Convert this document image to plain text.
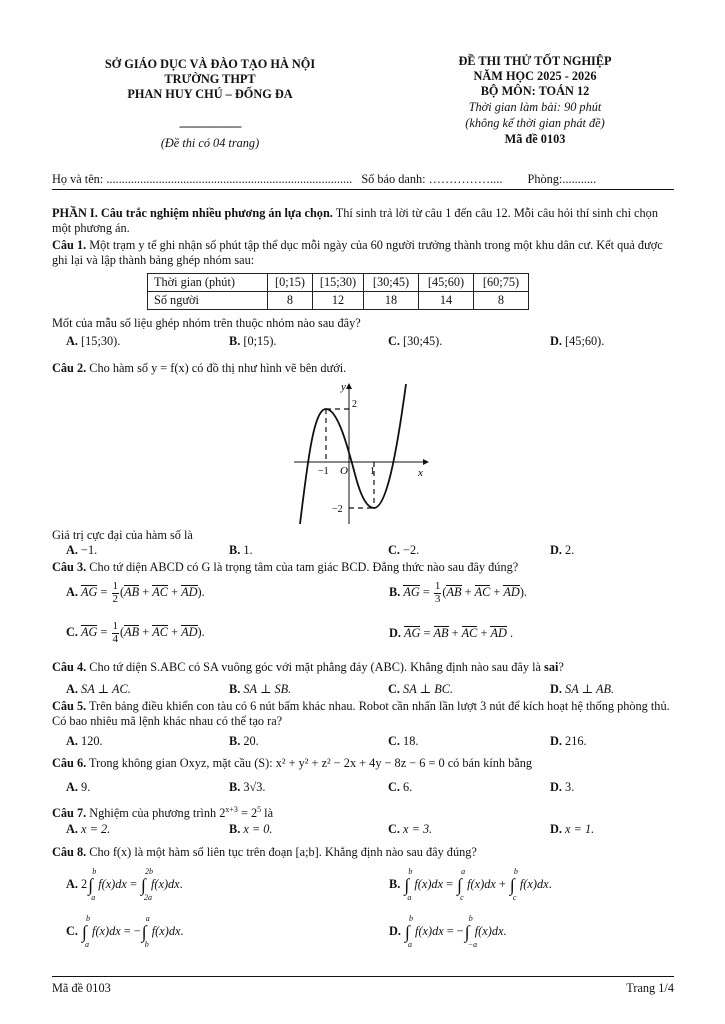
SỞ GIÁO DỤC VÀ ĐÀO TẠO HÀ NỘI
TRƯỜNG THPT
PHAN HUY CHÚ – ĐỐNG ĐA
--------------------
(Đề thi có 04 trang)
ĐỀ THI THỬ TỐT NGHIỆP
NĂM HỌC 2025 - 2026
BỘ MÔN: TOÁN 12
Thời gian làm bài: 90 phút
(không kể thời gian phát đề)
Mã đề 0103
Họ và tên: ................................................................................ Số báo danh: …………….... Phòng:...........
PHẦN I. Câu trắc nghiệm nhiều phương án lựa chọn. Thí sinh trả lời từ câu 1 đến câu 12. Mỗi câu hỏi thí sinh chỉ chọn một phương án.
Câu 1. Một trạm y tế ghi nhận số phút tập thể dục mỗi ngày của 60 người trưởng thành trong một khu dân cư. Kết quả được ghi lại và lập thành bảng ghép nhóm sau:
Thời gian (phút)	[0;15)	[15;30)	[30;45)	[45;60)	[60;75)
Số người	8	12	18	14	8
Mốt của mẫu số liệu ghép nhóm trên thuộc nhóm nào sau đây?
A. [15;30).	B. [0;15).	C. [30;45).	D. [45;60).
Câu 2. Cho hàm số y = f(x) có đồ thị như hình vẽ bên dưới.
y
x
O
2
−1	1
−2
Giá trị cực đại của hàm số là
A. −1.	B. 1.	C. −2.	D. 2.
Câu 3. Cho tứ diện ABCD có G là trọng tâm của tam giác BCD. Đẳng thức nào sau đây đúng?
A. AG = $\frac{1}{2} (AB$ + AC + AD).	B. AG = $\frac{1}{3} (AB$ + AC + AD).
C. AG = $\frac{1}{4} (AB$ + AC + AD).	D. AG = AB + AC + AD .
Câu 4. Cho tứ diện S.ABC có SA vuông góc với mặt phẳng đáy (ABC). Khẳng định nào sau đây là sai?
A. SA ⊥ AC.	B. SA ⊥ SB.	C. SA ⊥ BC.	D. SA ⊥ AB.
Câu 5. Trên bảng điều khiển con tàu có 6 nút bấm khác nhau. Robot cần nhấn lần lượt 3 nút để kích hoạt hệ thống phòng thủ. Có bao nhiêu mã lệnh khác nhau có thể tạo ra?
A. 120.	B. 20.	C. 18.	D. 216.
Câu 6. Trong không gian Oxyz, mặt cầu (S): x² + y² + z² − 2x + 4y − 8z − 6 = 0 có bán kính bằng
A. 9.	B. 3√3.	C. 6.	D. 3.
Câu 7. Nghiệm của phương trình $2^{x+3} = 2^5$ là
A. x = 2.	B. x = 0.	C. x = 3.	D. x = 1.
Câu 8. Cho f(x) là một hàm số liên tục trên đoạn [a;b]. Khẳng định nào sau đây đúng?
A. 2 ∫
b
a
f(x)dx = ∫
2b
2a
f(x)dx.	B. ∫
b
a
f(x)dx = ∫
a
c
f(x)dx + ∫
b
c
f(x)dx.
C. ∫
b
a
f(x)dx = − ∫
a
b
f(x)dx.	D. ∫
b
a
f(x)dx = − ∫
b
−a
f(x)dx.
Mã đề 0103	Trang 1/4
